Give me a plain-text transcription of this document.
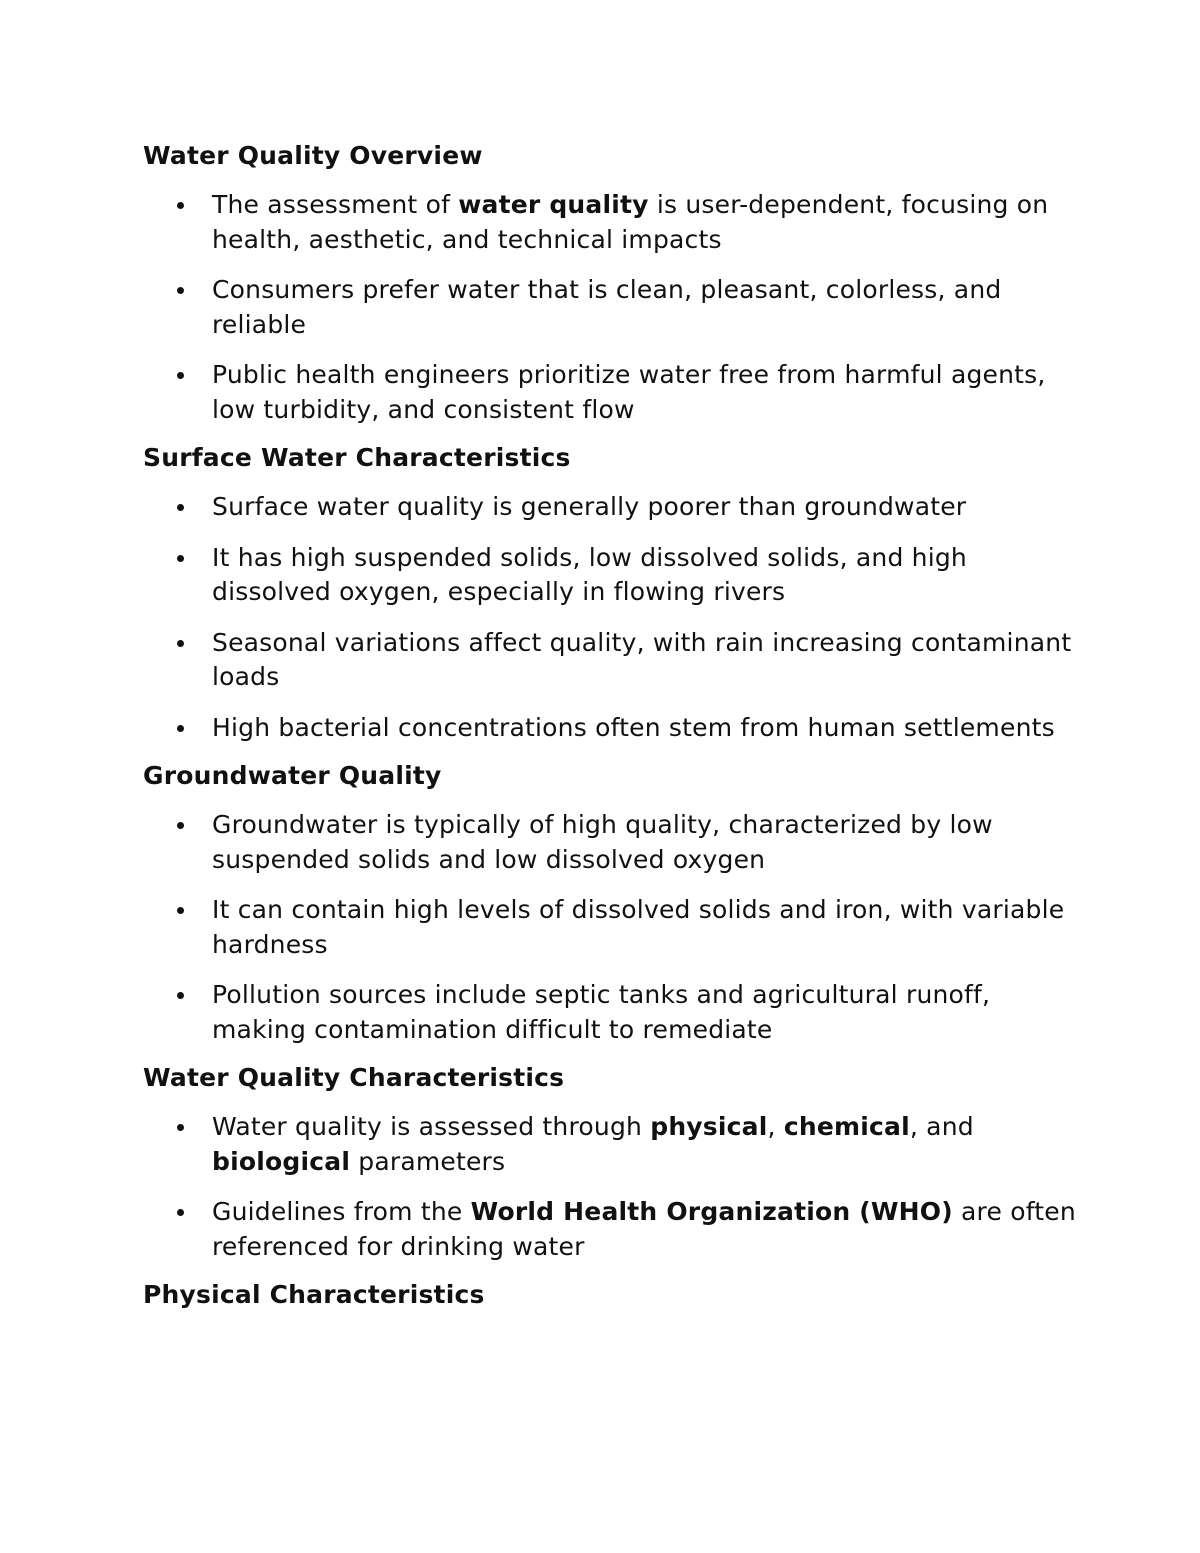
Water Quality Overview
The assessment of water quality is user-dependent, focusing on health, aesthetic, and technical impacts
Consumers prefer water that is clean, pleasant, colorless, and reliable
Public health engineers prioritize water free from harmful agents, low turbidity, and consistent flow
Surface Water Characteristics
Surface water quality is generally poorer than groundwater
It has high suspended solids, low dissolved solids, and high dissolved oxygen, especially in flowing rivers
Seasonal variations affect quality, with rain increasing contaminant loads
High bacterial concentrations often stem from human settlements
Groundwater Quality
Groundwater is typically of high quality, characterized by low suspended solids and low dissolved oxygen
It can contain high levels of dissolved solids and iron, with variable hardness
Pollution sources include septic tanks and agricultural runoff, making contamination difficult to remediate
Water Quality Characteristics
Water quality is assessed through physical, chemical, and biological parameters
Guidelines from the World Health Organization (WHO) are often referenced for drinking water
Physical Characteristics
